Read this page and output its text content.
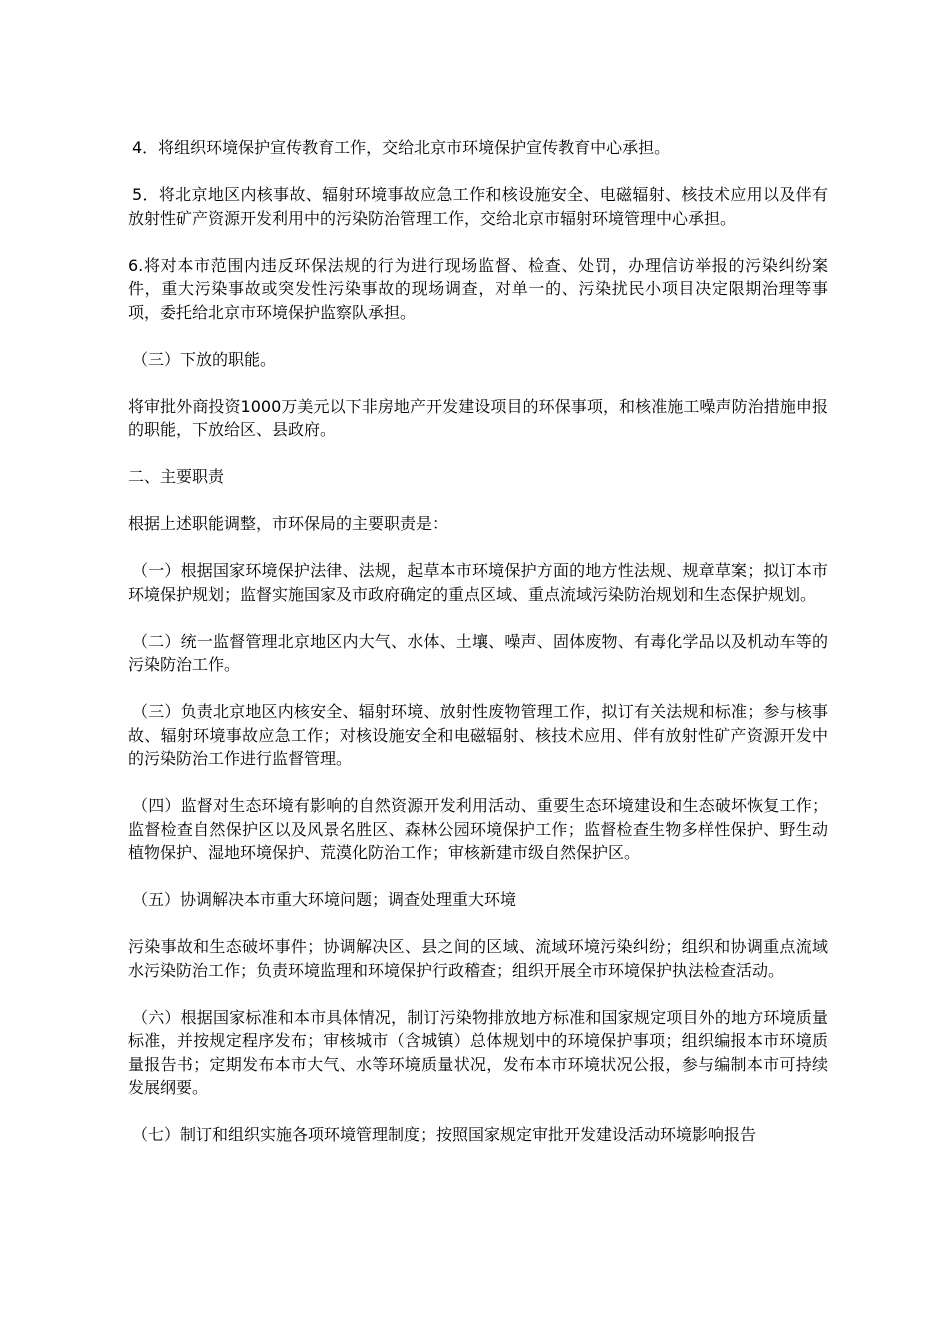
4．将组织环境保护宣传教育工作，交给北京市环境保护宣传教育中心承担。

5．将北京地区内核事故、辐射环境事故应急工作和核设施安全、电磁辐射、核技术应用以及伴有放射性矿产资源开发利用中的污染防治管理工作，交给北京市辐射环境管理中心承担。

6.将对本市范围内违反环保法规的行为进行现场监督、检查、处罚，办理信访举报的污染纠纷案件，重大污染事故或突发性污染事故的现场调查，对单一的、污染扰民小项目决定限期治理等事项，委托给北京市环境保护监察队承担。

（三）下放的职能。

将审批外商投资1000万美元以下非房地产开发建设项目的环保事项，和核准施工噪声防治措施申报的职能，下放给区、县政府。

二、主要职责

根据上述职能调整，市环保局的主要职责是：

（一）根据国家环境保护法律、法规，起草本市环境保护方面的地方性法规、规章草案；拟订本市环境保护规划；监督实施国家及市政府确定的重点区域、重点流域污染防治规划和生态保护规划。

（二）统一监督管理北京地区内大气、水体、土壤、噪声、固体废物、有毒化学品以及机动车等的污染防治工作。

（三）负责北京地区内核安全、辐射环境、放射性废物管理工作，拟订有关法规和标准；参与核事故、辐射环境事故应急工作；对核设施安全和电磁辐射、核技术应用、伴有放射性矿产资源开发中的污染防治工作进行监督管理。

（四）监督对生态环境有影响的自然资源开发利用活动、重要生态环境建设和生态破坏恢复工作；监督检查自然保护区以及风景名胜区、森林公园环境保护工作；监督检查生物多样性保护、野生动植物保护、湿地环境保护、荒漠化防治工作；审核新建市级自然保护区。

（五）协调解决本市重大环境问题；调查处理重大环境

污染事故和生态破坏事件；协调解决区、县之间的区域、流域环境污染纠纷；组织和协调重点流域水污染防治工作；负责环境监理和环境保护行政稽查；组织开展全市环境保护执法检查活动。

（六）根据国家标准和本市具体情况，制订污染物排放地方标准和国家规定项目外的地方环境质量标准，并按规定程序发布；审核城市（含城镇）总体规划中的环境保护事项；组织编报本市环境质量报告书；定期发布本市大气、水等环境质量状况，发布本市环境状况公报，参与编制本市可持续发展纲要。

（七）制订和组织实施各项环境管理制度；按照国家规定审批开发建设活动环境影响报告
